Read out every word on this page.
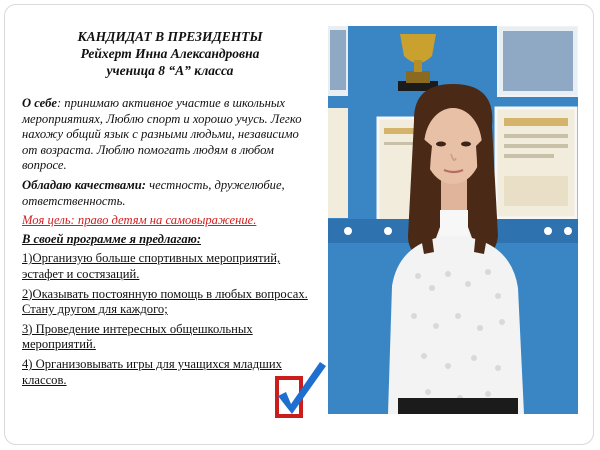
КАНДИДАТ В ПРЕЗИДЕНТЫ
Рейхерт Инна Александровна
ученица 8 “А” класса

О себе: принимаю активное участие в школьных мероприятиях, Люблю спорт и хорошо учусь. Легко нахожу общий язык с разными людьми, независимо от возраста. Люблю помогать людям в любом вопросе.

Обладаю качествами: честность, дружелюбие, ответственность.

Моя цель: право детям на самовыражение.

В своей программе я предлагаю:

1)Организую больше спортивных мероприятий, эстафет и состязаций.

2)Оказывать постоянную помощь в любых вопросах. Стану другом для каждого;

3) Проведение интересных общешкольных мероприятий.

4) Организовывать игры для учащихся младших классов.
